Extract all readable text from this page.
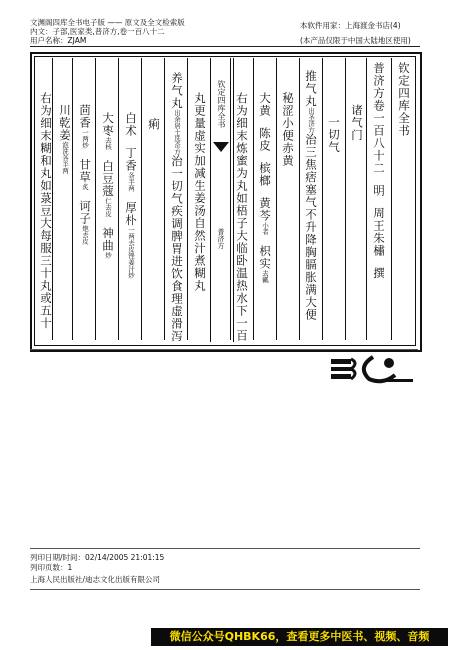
文渊阁四库全书电子版 —— 原文及全文检索版
内文：子部,医家类,普济方,卷一百八十二
用户名称：ZJAM
本软件用家：上海渡金书店(4)
(本产品仅限于中国大陆地区使用)
钦定四库全书
普济方卷一百八十二明周王朱橚撰
诸气门
一切气
推气丸出圣济方治三焦痞塞气不升降胸膈胀满大便
秘涩小便赤黄
大黄陈皮槟榔黄芩小者枳实去瓤
右为细末炼蜜为丸如梧子大临卧温热水下一百
钦定四库全书
普济方
丸更量虚实加减生姜汤自然汁煮糊丸
养气丸出余居士选奇方治一切气疾调脾胃进饮食理虚滑泻
痢
白术丁香各半两厚朴一两去皮锉姜汁炒
大枣去核白豆蔻仁去皮神曲炒
茴香一两炒甘草炙诃子炮去皮
川乾姜泡洗各半两
右为细末糊和丸如菉豆大每服三十丸或五十
列印日期/时间：02/14/2005 21:01:15
列印页数：1
上海人民出版社/迪志文化出版有限公司
微信公众号QHBK66，查看更多中医书、视频、音频
